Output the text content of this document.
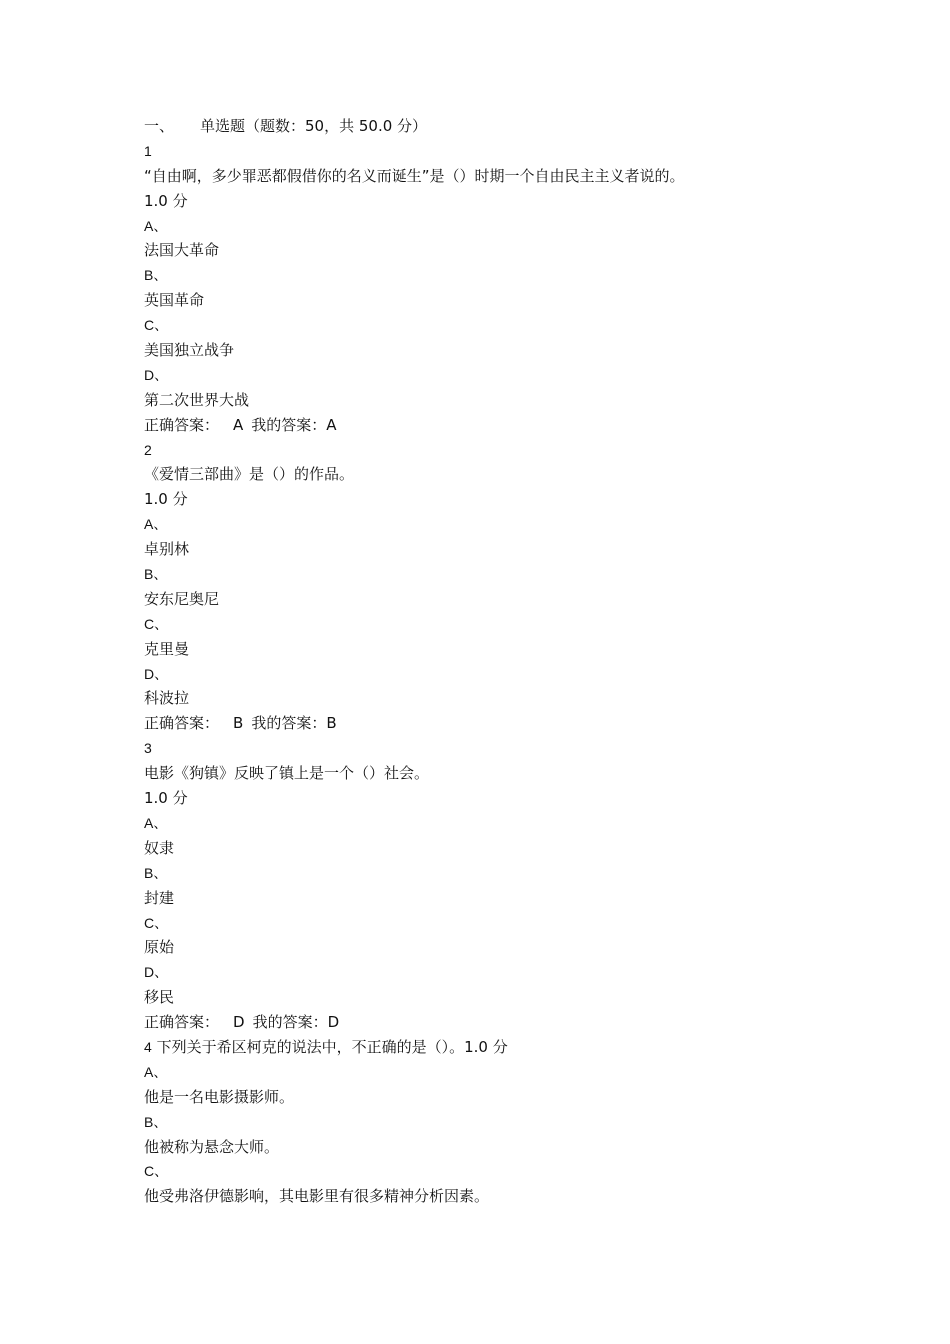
一、 单选题（题数：50，共 50.0 分）
1
“自由啊，多少罪恶都假借你的名义而诞生”是（）时期一个自由民主主义者说的。
1.0 分
A、
法国大革命
B、
英国革命
C、
美国独立战争
D、
第二次世界大战
正确答案： A 我的答案：A
2
《爱情三部曲》是（）的作品。
1.0 分
A、
卓别林
B、
安东尼奥尼
C、
克里曼
D、
科波拉
正确答案： B 我的答案：B
3
电影《狗镇》反映了镇上是一个（）社会。
1.0 分
A、
奴隶
B、
封建
C、
原始
D、
移民
正确答案： D 我的答案：D
4 下列关于希区柯克的说法中，不正确的是（）。1.0 分
A、
他是一名电影摄影师。
B、
他被称为悬念大师。
C、
他受弗洛伊德影响，其电影里有很多精神分析因素。
